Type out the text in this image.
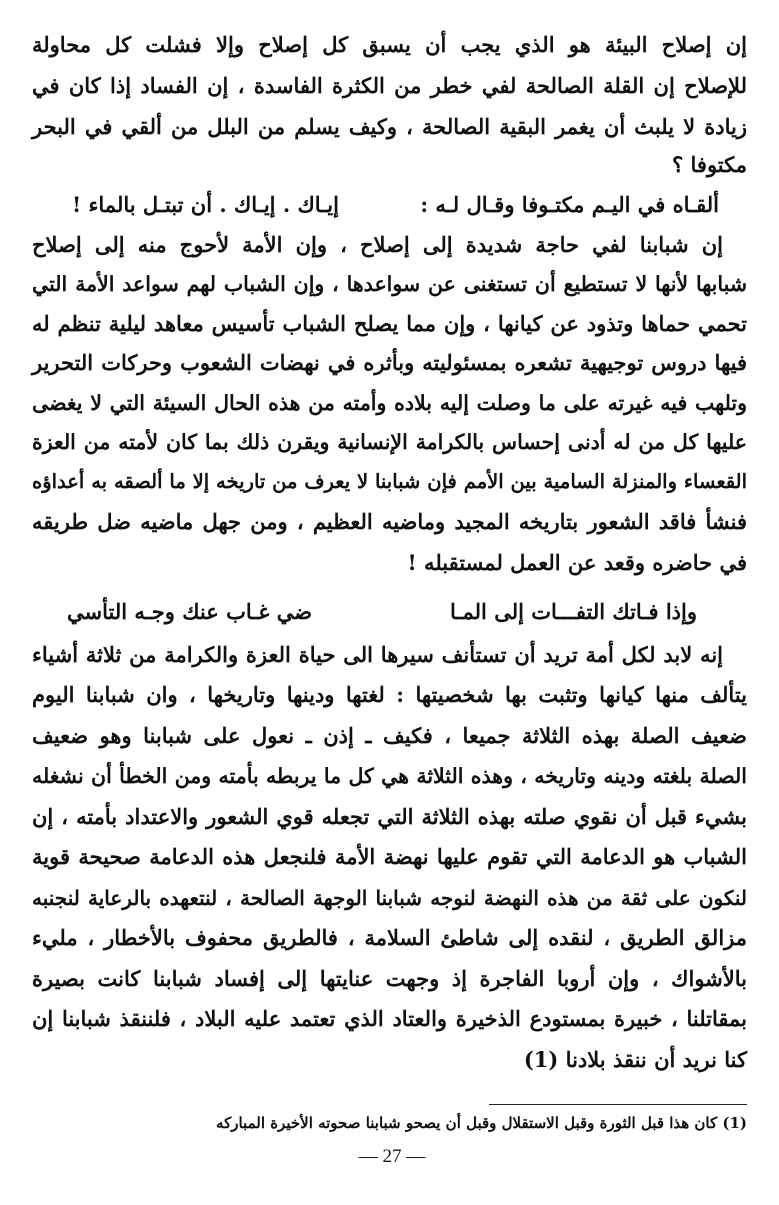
إن إصلاح البيئة هو الذي يجب أن يسبق كل إصلاح وإلا فشلت كل محاولة
للإصلاح إن القلة الصالحة لفي خطر من الكثرة الفاسدة ، إن الفساد إذا كان في
زيادة لا يلبث أن يغمر البقية الصالحة ، وكيف يسلم من البلل من ألقي في البحر
مكتوفا ؟
ألقـاه في اليـم مكتـوفا وقـال لـه :
إيـاك . إيـاك . أن تبتـل بالماء !
إن شبابنا لفي حاجة شديدة إلى إصلاح ، وإن الأمة لأحوج منه إلى إصلاح
شبابها لأنها لا تستطيع أن تستغنى عن سواعدها ، وإن الشباب لهم سواعد الأمة التي
تحمي حماها وتذود عن كيانها ، وإن مما يصلح الشباب تأسيس معاهد ليلية تنظم له
فيها دروس توجيهية تشعره بمسئوليته وبأثره في نهضات الشعوب وحركات التحرير
وتلهب فيه غيرته على ما وصلت إليه بلاده وأمته من هذه الحال السيئة التي لا يغضى
عليها كل من له أدنى إحساس بالكرامة الإنسانية ويقرن ذلك بما كان لأمته من العزة
القعساء والمنزلة السامية بين الأمم فإن شبابنا لا يعرف من تاريخه إلا ما ألصقه به أعداؤه
فنشأ فاقد الشعور بتاريخه المجيد وماضيه العظيم ، ومن جهل ماضيه ضل طريقه
في حاضره وقعد عن العمل لمستقبله !
وإذا فـاتك التفـــات إلى المـا
ضي غـاب عنك وجـه التأسي
إنه لابد لكل أمة تريد أن تستأنف سيرها الى حياة العزة والكرامة من ثلاثة أشياء
يتألف منها كيانها وتثبت بها شخصيتها : لغتها ودينها وتاريخها ، وان شبابنا اليوم
ضعيف الصلة بهذه الثلاثة جميعا ، فكيف ـ إذن ـ نعول على شبابنا وهو ضعيف
الصلة بلغته ودينه وتاريخه ، وهذه الثلاثة هي كل ما يربطه بأمته ومن الخطأ أن نشغله
بشيء قبل أن نقوي صلته بهذه الثلاثة التي تجعله قوي الشعور والاعتداد بأمته ، إن
الشباب هو الدعامة التي تقوم عليها نهضة الأمة فلنجعل هذه الدعامة صحيحة قوية
لنكون على ثقة من هذه النهضة لنوجه شبابنا الوجهة الصالحة ، لنتعهده بالرعاية لنجنبه
مزالق الطريق ، لنقده إلى شاطئ السلامة ، فالطريق محفوف بالأخطار ، مليء
بالأشواك ، وإن أروبا الفاجرة إذ وجهت عنايتها إلى إفساد شبابنا كانت بصيرة
بمقاتلنا ، خبيرة بمستودع الذخيرة والعتاد الذي تعتمد عليه البلاد ، فلننقذ شبابنا إن
كنا نريد أن ننقذ بلادنا (1)
(1) كان هذا قبل الثورة وقبل الاستقلال وقبل أن يصحو شبابنا صحوته الأخيرة المباركه
— 27 —
